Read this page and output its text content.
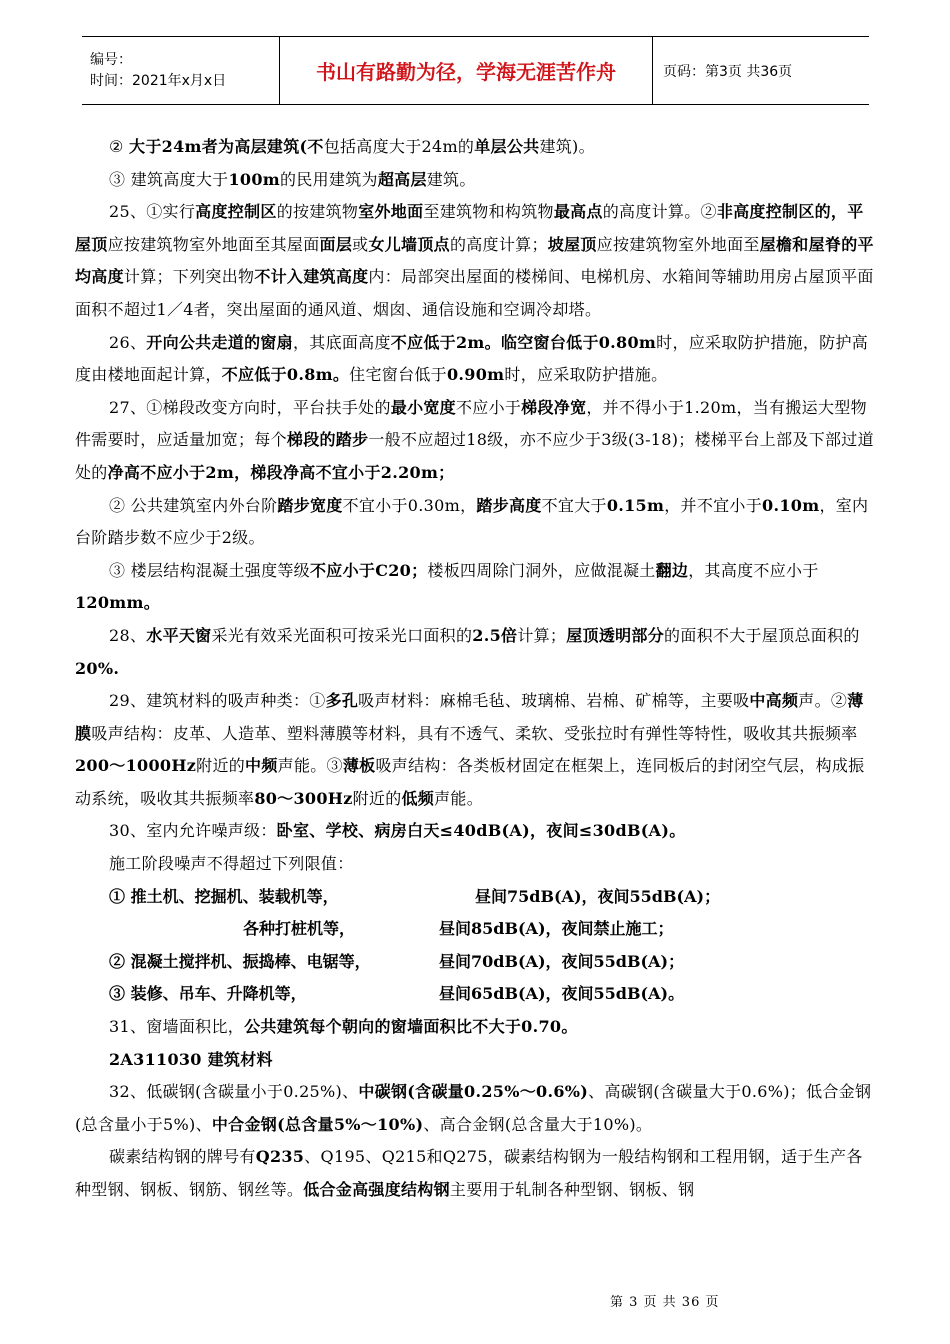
编号：
时间：2021年x月x日	书山有路勤为径，学海无涯苦作舟	页码：第3页 共36页

② 大于24m者为高层建筑(不包括高度大于24m的单层公共建筑)。

③ 建筑高度大于100m的民用建筑为超高层建筑。

25、①实行高度控制区的按建筑物室外地面至建筑物和构筑物最高点的高度计算。②非高度控制区的，平屋顶应按建筑物室外地面至其屋面面层或女儿墙顶点的高度计算；坡屋顶应按建筑物室外地面至屋檐和屋脊的平均高度计算；下列突出物不计入建筑高度内：局部突出屋面的楼梯间、电梯机房、水箱间等辅助用房占屋顶平面面积不超过1／4者，突出屋面的通风道、烟囱、通信设施和空调冷却塔。

26、开向公共走道的窗扇，其底面高度不应低于2m。临空窗台低于0.80m时，应采取防护措施，防护高度由楼地面起计算，不应低于0.8m。住宅窗台低于0.90m时，应采取防护措施。

27、①梯段改变方向时，平台扶手处的最小宽度不应小于梯段净宽，并不得小于1.20m，当有搬运大型物件需要时，应适量加宽；每个梯段的踏步一般不应超过18级，亦不应少于3级(3-18)；楼梯平台上部及下部过道处的净高不应小于2m，梯段净高不宜小于2.20m；

② 公共建筑室内外台阶踏步宽度不宜小于0.30m，踏步高度不宜大于0.15m，并不宜小于0.10m，室内台阶踏步数不应少于2级。

③ 楼层结构混凝土强度等级不应小于C20；楼板四周除门洞外，应做混凝土翻边，其高度不应小于120mm。

28、水平天窗采光有效采光面积可按采光口面积的2.5倍计算；屋顶透明部分的面积不大于屋顶总面积的20%.

29、建筑材料的吸声种类：①多孔吸声材料：麻棉毛毡、玻璃棉、岩棉、矿棉等，主要吸中高频声。②薄膜吸声结构：皮革、人造革、塑料薄膜等材料，具有不透气、柔软、受张拉时有弹性等特性，吸收其共振频率200～1000Hz附近的中频声能。③薄板吸声结构：各类板材固定在框架上，连同板后的封闭空气层，构成振动系统，吸收其共振频率80～300Hz附近的低频声能。

30、室内允许噪声级：卧室、学校、病房白天≤40dB(A)，夜间≤30dB(A)。

施工阶段噪声不得超过下列限值：

① 推土机、挖掘机、装载机等，	昼间75dB(A)，夜间55dB(A)；
各种打桩机等，	昼间85dB(A)，夜间禁止施工；
② 混凝土搅拌机、振捣棒、电锯等，	昼间70dB(A)，夜间55dB(A)；
③ 装修、吊车、升降机等，	昼间65dB(A)，夜间55dB(A)。

31、窗墙面积比，公共建筑每个朝向的窗墙面积比不大于0.70。

2A311030 建筑材料

32、低碳钢(含碳量小于0.25%)、中碳钢(含碳量0.25%～0.6%)、高碳钢(含碳量大于0.6%)；低合金钢(总含量小于5%)、中合金钢(总含量5%～10%)、高合金钢(总含量大于10%)。

碳素结构钢的牌号有Q235、Q195、Q215和Q275，碳素结构钢为一般结构钢和工程用钢，适于生产各种型钢、钢板、钢筋、钢丝等。低合金高强度结构钢主要用于轧制各种型钢、钢板、钢

第 3 页 共 36 页
